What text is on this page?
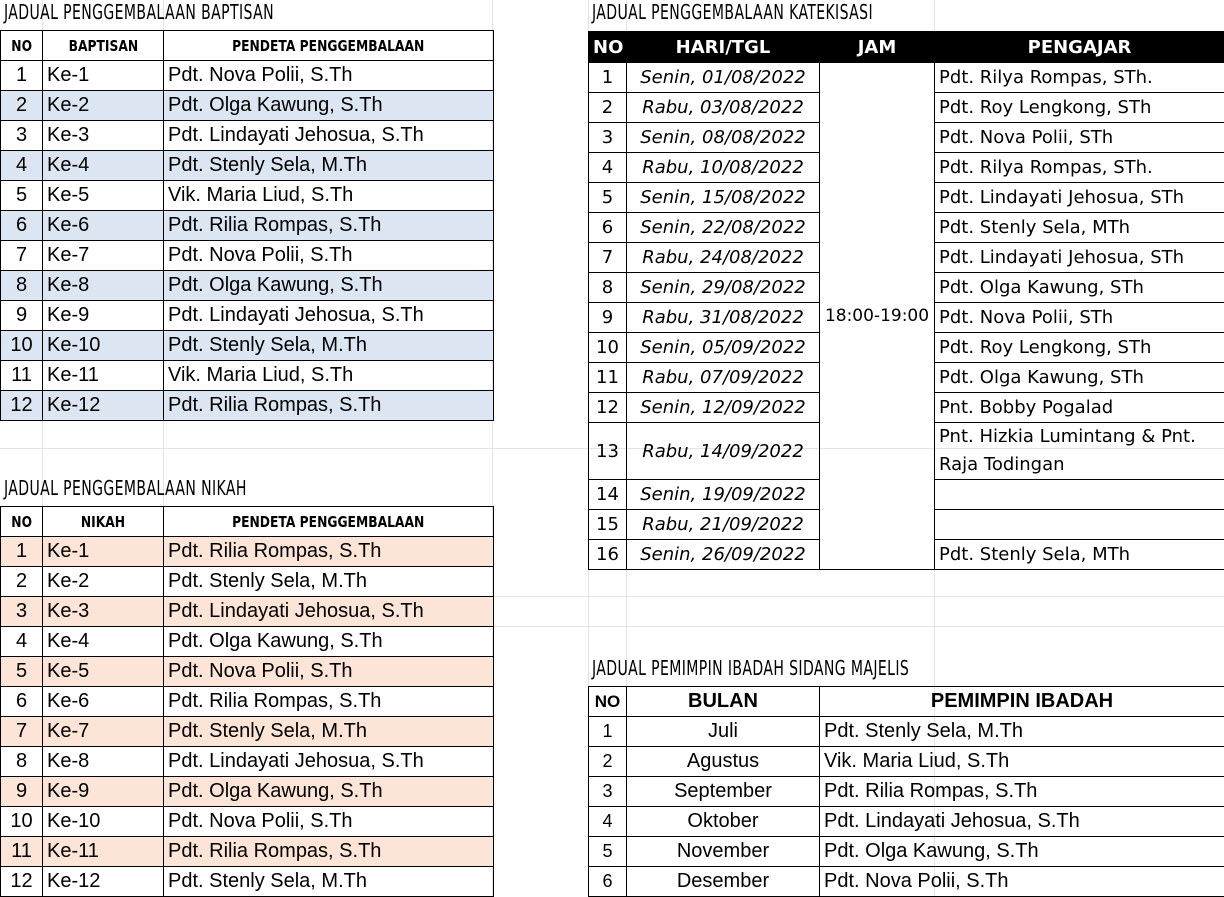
JADUAL PENGGEMBALAAN BAPTISAN
NO	BAPTISAN	PENDETA PENGGEMBALAAN
1	Ke-1	Pdt. Nova Polii, S.Th
2	Ke-2	Pdt. Olga Kawung, S.Th
3	Ke-3	Pdt. Lindayati Jehosua, S.Th
4	Ke-4	Pdt. Stenly Sela, M.Th
5	Ke-5	Vik. Maria Liud, S.Th
6	Ke-6	Pdt. Rilia Rompas, S.Th
7	Ke-7	Pdt. Nova Polii, S.Th
8	Ke-8	Pdt. Olga Kawung, S.Th
9	Ke-9	Pdt. Lindayati Jehosua, S.Th
10	Ke-10	Pdt. Stenly Sela, M.Th
11	Ke-11	Vik. Maria Liud, S.Th
12	Ke-12	Pdt. Rilia Rompas, S.Th
JADUAL PENGGEMBALAAN NIKAH
NO	NIKAH	PENDETA PENGGEMBALAAN
1	Ke-1	Pdt. Rilia Rompas, S.Th
2	Ke-2	Pdt. Stenly Sela, M.Th
3	Ke-3	Pdt. Lindayati Jehosua, S.Th
4	Ke-4	Pdt. Olga Kawung, S.Th
5	Ke-5	Pdt. Nova Polii, S.Th
6	Ke-6	Pdt. Rilia Rompas, S.Th
7	Ke-7	Pdt. Stenly Sela, M.Th
8	Ke-8	Pdt. Lindayati Jehosua, S.Th
9	Ke-9	Pdt. Olga Kawung, S.Th
10	Ke-10	Pdt. Nova Polii, S.Th
11	Ke-11	Pdt. Rilia Rompas, S.Th
12	Ke-12	Pdt. Stenly Sela, M.Th
JADUAL PENGGEMBALAAN KATEKISASI
NO	HARI/TGL	JAM	PENGAJAR
1	Senin, 01/08/2022	18:00-19:00	Pdt. Rilya Rompas, STh.
2	Rabu, 03/08/2022		Pdt. Roy Lengkong, STh
3	Senin, 08/08/2022		Pdt. Nova Polii, STh
4	Rabu, 10/08/2022		Pdt. Rilya Rompas, STh.
5	Senin, 15/08/2022		Pdt. Lindayati Jehosua, STh
6	Senin, 22/08/2022		Pdt. Stenly Sela, MTh
7	Rabu, 24/08/2022		Pdt. Lindayati Jehosua, STh
8	Senin, 29/08/2022		Pdt. Olga Kawung, STh
9	Rabu, 31/08/2022		Pdt. Nova Polii, STh
10	Senin, 05/09/2022		Pdt. Roy Lengkong, STh
11	Rabu, 07/09/2022		Pdt. Olga Kawung, STh
12	Senin, 12/09/2022		Pnt. Bobby Pogalad
13	Rabu, 14/09/2022		Pnt. Hizkia Lumintang & Pnt. Raja Todingan
14	Senin, 19/09/2022		
15	Rabu, 21/09/2022		
16	Senin, 26/09/2022		Pdt. Stenly Sela, MTh
JADUAL PEMIMPIN IBADAH SIDANG MAJELIS
NO	BULAN	PEMIMPIN IBADAH
1	Juli	Pdt. Stenly Sela, M.Th
2	Agustus	Vik. Maria Liud, S.Th
3	September	Pdt. Rilia Rompas, S.Th
4	Oktober	Pdt. Lindayati Jehosua, S.Th
5	November	Pdt. Olga Kawung, S.Th
6	Desember	Pdt. Nova Polii, S.Th
